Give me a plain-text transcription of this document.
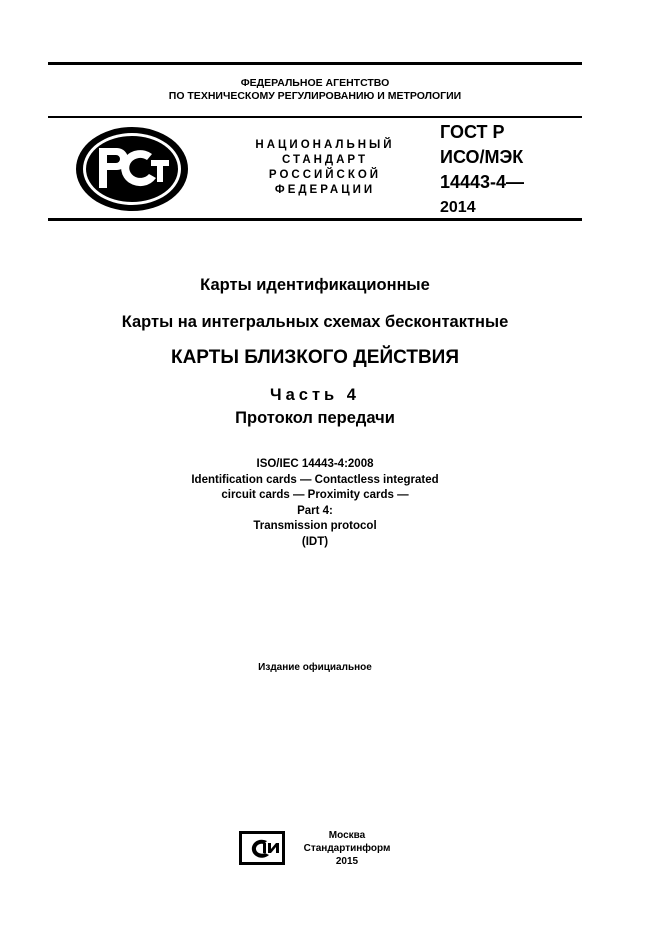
ФЕДЕРАЛЬНОЕ АГЕНТСТВО
ПО ТЕХНИЧЕСКОМУ РЕГУЛИРОВАНИЮ И МЕТРОЛОГИИ
НАЦИОНАЛЬНЫЙ
СТАНДАРТ
РОССИЙСКОЙ
ФЕДЕРАЦИИ
ГОСТ Р
ИСО/МЭК
14443-4—
2014
Карты идентификационные
Карты на интегральных схемах бесконтактные
КАРТЫ БЛИЗКОГО ДЕЙСТВИЯ
Часть 4
Протокол передачи
ISO/IEC 14443-4:2008
Identification cards — Contactless integrated
circuit cards — Proximity cards —
Part 4:
Transmission protocol
(IDT)
Издание официальное
Москва
Стандартинформ
2015
